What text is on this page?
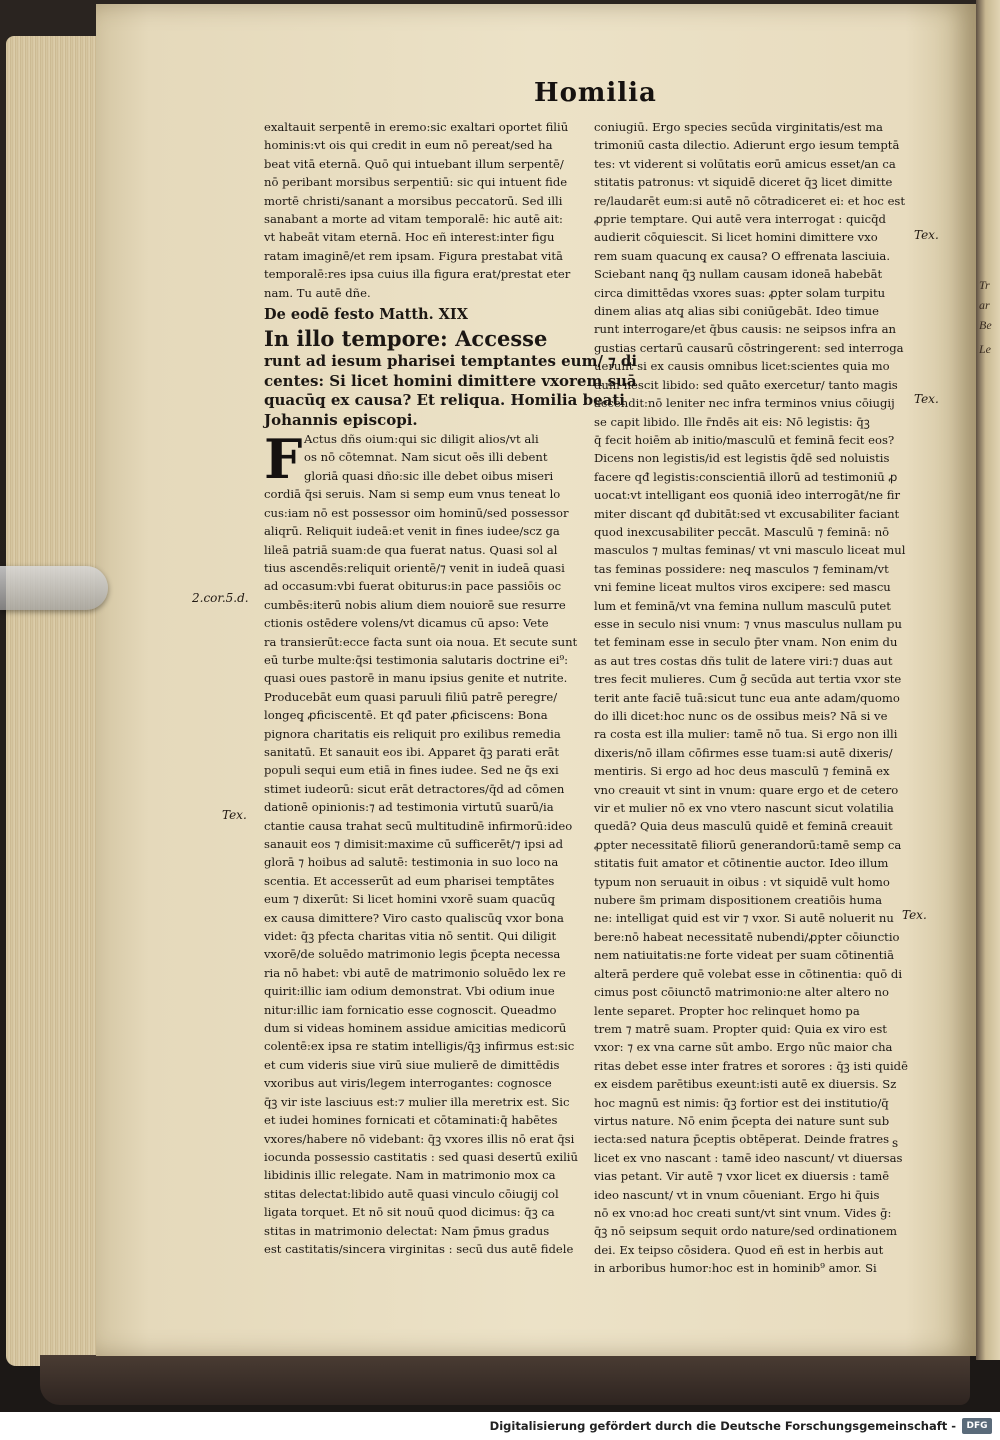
Tr
ar
Be
Le
Homilia
2.cor.5.d.
Tex.
Tex.
Tex.
Tex.
s
exaltauit serpentē in eremo:sic exaltari oportet filiū
hominis:vt ois qui credit in eum nō pereat/sed ha
beat vitā eternā. Quō qui intuebant illum serpentē/
nō peribant morsibus serpentiū: sic qui intuent fide
mortē christi/sanant a morsibus peccatorū. Sed illi
sanabant a morte ad vitam temporalē: hic autē ait:
vt habeāt vitam eternā. Hoc eñ interest:inter figu
ratam imaginē/et rem ipsam. Figura prestabat vitā
temporalē:res ipsa cuius illa figura erat/prestat eter
nam. Tu autē dñe.
De eodē festo Matth. XIX
In illo tempore: Accesse
runt ad iesum pharisei temptantes eum/ ⁊ di
centes: Si licet homini dimittere vxorem suā
quacūq̧ ex causa? Et reliqua. Homilia beati
Johannis episcopi.
F Actus dñs oium:qui sic diligit alios/vt ali
os nō cōtemnat. Nam sicut oēs illi debent
gloriā quasi dño:sic ille debet oibus miseri
cordiā q̄si seruis. Nam si semp eum vnus teneat lo
cus:iam nō est possessor oim hominū/sed possessor
aliqrū. Reliquit iudeā:et venit in fines iudee/scz ga
lileā patriā suam:de qua fuerat natus. Quasi sol al
tius ascendēs:reliquit orientē/⁊ venit in iudeā quasi
ad occasum:vbi fuerat obiturus:in pace passiōis oc
cumbēs:iterū nobis alium diem nouiorē sue resurre
ctionis ostēdere volens/vt dicamus cū apso: Vete
ra transierūt:ecce facta sunt oia noua. Et secute sunt
eū turbe multe:q̄si testimonia salutaris doctrine ei⁹:
quasi oues pastorē in manu ipsius genite et nutrite.
Producebāt eum quasi paruuli filiū patrē peregre/
longeq̧ ꝓficiscentē. Et qđ pater ꝓficiscens: Bona
pignora charitatis eis reliquit pro exilibus remedia
sanitatū. Et sanauit eos ibi. Apparet q̄ꝫ parati erāt
populi sequi eum etiā in fines iudee. Sed ne q̄s exi
stimet iudeorū: sicut erāt detractores/q̄d ad cōmen
dationē opinionis:⁊ ad testimonia virtutū suarū/ia
ctantie causa trahat secū multitudinē infirmorū:ideo
sanauit eos ⁊ dimisit:maxime cū sufficerēt/⁊ ipsi ad
glorā ⁊ hoibus ad salutē: testimonia in suo loco na
scentia. Et accesserūt ad eum pharisei temptātes
eum ⁊ dixerūt: Si licet homini vxorē suam quacūq̧
ex causa dimittere? Viro casto qualiscūq̧ vxor bona
videt: q̄ꝫ pfecta charitas vitia nō sentit. Qui diligit
vxorē/de soluēdo matrimonio legis p̄cepta necessa
ria nō habet: vbi autē de matrimonio soluēdo lex re
quirit:illic iam odium demonstrat. Vbi odium inue
nitur:illic iam fornicatio esse cognoscit. Queadmo
dum si videas hominem assidue amicitias medicorū
colentē:ex ipsa re statim intelligis/q̄ꝫ infirmus est:sic
et cum videris siue virū siue mulierē de dimittēdis
vxoribus aut viris/legem interrogantes: cognosce
q̄ꝫ vir iste lasciuus est:⁊ mulier illa meretrix est. Sic
et iudei homines fornicati et cōtaminati:q̄ habētes
vxores/habere nō videbant: q̄ꝫ vxores illis nō erat q̄si
iocunda possessio castitatis : sed quasi desertū exiliū
libidinis illic relegate. Nam in matrimonio mox ca
stitas delectat:libido autē quasi vinculo cōiugij col
ligata torquet. Et nō sit nouū quod dicimus: q̄ꝫ ca
stitas in matrimonio delectat: Nam p̄mus gradus
est castitatis/sincera virginitas : secū dus autē fidele
coniugiū. Ergo species secūda virginitatis/est ma
trimoniū casta dilectio. Adierunt ergo iesum temptā
tes: vt viderent si volūtatis eorū amicus esset/an ca
stitatis patronus: vt siquidē diceret q̄ꝫ licet dimitte
re/laudarēt eum:si autē nō cōtradiceret ei: et hoc est
ꝓprie temptare. Qui autē vera interrogat : quicq̄d
audierit cōquiescit. Si licet homini dimittere vxo
rem suam quacunq̧ ex causa? O effrenata lasciuia.
Sciebant nanq̧ q̄ꝫ nullam causam idoneā habebāt
circa dimittēdas vxores suas: ꝓpter solam turpitu
dinem alias atq̧ alias sibi coniūgebāt. Ideo timue
runt interrogare/et q̄bus causis: ne seipsos infra an
gustias certarū causarū cōstringerent: sed interroga
uerunt si ex causis omnibus licet:scientes quia mo
dum nescit libido: sed quāto exercetur/ tanto magis
accendit:nō leniter nec infra terminos vnius cōiugij
se capit libido. Ille r̄ndēs ait eis: Nō legistis: q̄ꝫ
q̄ fecit hoiēm ab initio/masculū et feminā fecit eos?
Dicens non legistis/id est legistis q̄dē sed noluistis
facere qđ legistis:conscientiā illorū ad testimoniū ꝓ
uocat:vt intelligant eos quoniā ideo interrogāt/ne fir
miter discant qđ dubitāt:sed vt excusabiliter faciant
quod inexcusabiliter peccāt. Masculū ⁊ feminā: nō
masculos ⁊ multas feminas/ vt vni masculo liceat mul
tas feminas possidere: neq̧ masculos ⁊ feminam/vt
vni femine liceat multos viros excipere: sed mascu
lum et feminā/vt vna femina nullum masculū putet
esse in seculo nisi vnum: ⁊ vnus masculus nullam pu
tet feminam esse in seculo p̄ter vnam. Non enim du
as aut tres costas dñs tulit de latere viri:⁊ duas aut
tres fecit mulieres. Cum ḡ secūda aut tertia vxor ste
terit ante faciē tuā:sicut tunc eua ante adam/quomo
do illi dicet:hoc nunc os de ossibus meis? Nā si ve
ra costa est illa mulier: tamē nō tua. Si ergo non illi
dixeris/nō illam cōfirmes esse tuam:si autē dixeris/
mentiris. Si ergo ad hoc deus masculū ⁊ feminā ex
vno creauit vt sint in vnum: quare ergo et de cetero
vir et mulier nō ex vno vtero nascunt sicut volatilia
quedā? Quia deus masculū quidē et feminā creauit
ꝓpter necessitatē filiorū generandorū:tamē semp ca
stitatis fuit amator et cōtinentie auctor. Ideo illum
typum non seruauit in oibus : vt siquidē vult homo
nubere s̄m primam dispositionem creatiōis huma
ne: intelligat quid est vir ⁊ vxor. Si autē noluerit nu
bere:nō habeat necessitatē nubendi/ꝓpter cōiunctio
nem natiuitatis:ne forte videat per suam cōtinentiā
alterā perdere quē volebat esse in cōtinentia: quō di
cimus post cōiunctō matrimonio:ne alter altero no
lente separet. Propter hoc relinquet homo pa
trem ⁊ matrē suam. Propter quid: Quia ex viro est
vxor: ⁊ ex vna carne sūt ambo. Ergo nūc maior cha
ritas debet esse inter fratres et sorores : q̄ꝫ isti quidē
ex eisdem parētibus exeunt:isti autē ex diuersis. Sz
hoc magnū est nimis: q̄ꝫ fortior est dei institutio/q̄
virtus nature. Nō enim p̄cepta dei nature sunt sub
iecta:sed natura p̄ceptis obtēperat. Deinde fratres
licet ex vno nascant : tamē ideo nascunt/ vt diuersas
vias petant. Vir autē ⁊ vxor licet ex diuersis : tamē
ideo nascunt/ vt in vnum cōueniant. Ergo hi q̄uis
nō ex vno:ad hoc creati sunt/vt sint vnum. Vides ḡ:
q̄ꝫ nō seipsum sequit ordo nature/sed ordinationem
dei. Ex teipso cōsidera. Quod eñ est in herbis aut
in arboribus humor:hoc est in hominib⁹ amor. Si
Digitalisierung gefördert durch die Deutsche Forschungsgemeinschaft -	DFG
